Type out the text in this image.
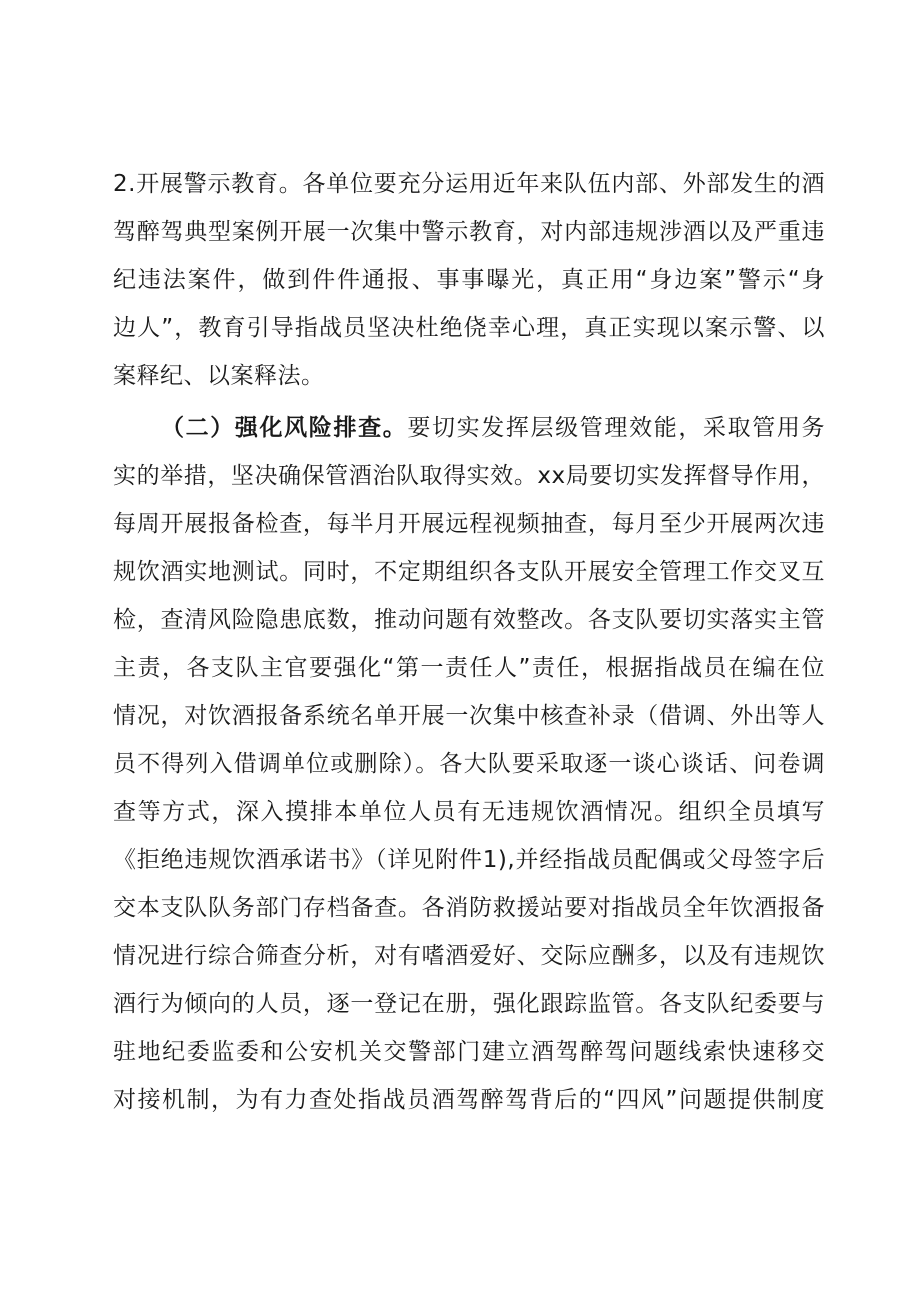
2.开展警示教育。各单位要充分运用近年来队伍内部、外部发生的酒
驾醉驾典型案例开展一次集中警示教育，对内部违规涉酒以及严重违
纪违法案件，做到件件通报、事事曝光，真正用“身边案”警示“身
边人”，教育引导指战员坚决杜绝侥幸心理，真正实现以案示警、以
案释纪、以案释法。
（二）强化风险排查。要切实发挥层级管理效能，采取管用务
实的举措，坚决确保管酒治队取得实效。xx局要切实发挥督导作用，
每周开展报备检查，每半月开展远程视频抽查，每月至少开展两次违
规饮酒实地测试。同时，不定期组织各支队开展安全管理工作交叉互
检，查清风险隐患底数，推动问题有效整改。各支队要切实落实主管
主责，各支队主官要强化“第一责任人”责任，根据指战员在编在位
情况，对饮酒报备系统名单开展一次集中核查补录（借调、外出等人
员不得列入借调单位或删除）。各大队要采取逐一谈心谈话、问卷调
查等方式，深入摸排本单位人员有无违规饮酒情况。组织全员填写
《拒绝违规饮酒承诺书》（详见附件1),并经指战员配偶或父母签字后
交本支队队务部门存档备查。各消防救援站要对指战员全年饮酒报备
情况进行综合筛查分析，对有嗜酒爱好、交际应酬多，以及有违规饮
酒行为倾向的人员，逐一登记在册，强化跟踪监管。各支队纪委要与
驻地纪委监委和公安机关交警部门建立酒驾醉驾问题线索快速移交
对接机制，为有力查处指战员酒驾醉驾背后的“四风”问题提供制度
